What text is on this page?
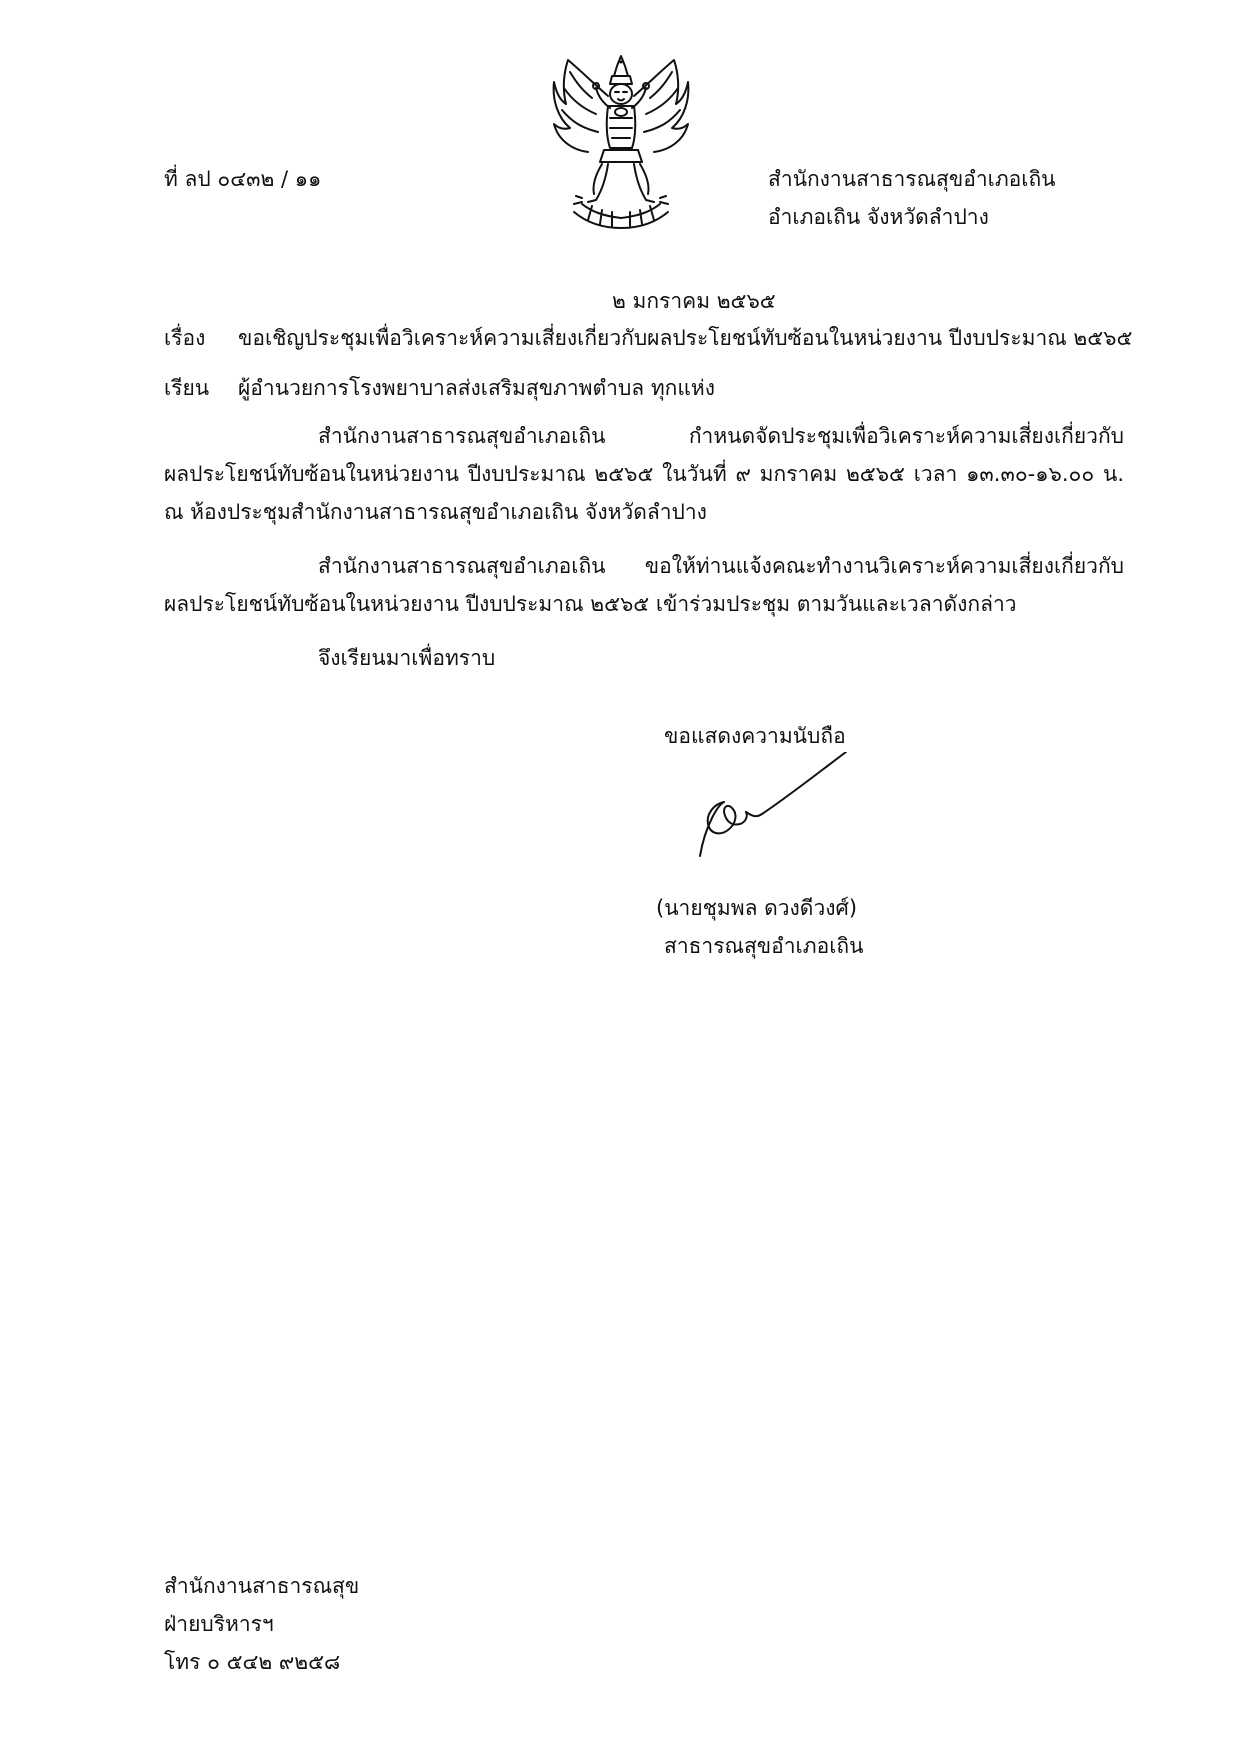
ที่ ลป ๐๔๓๒ / ๑๑	สำนักงานสาธารณสุขอำเภอเถิน
อำเภอเถิน จังหวัดลำปาง
๒ มกราคม ๒๕๖๕
เรื่อง ขอเชิญประชุมเพื่อวิเคราะห์ความเสี่ยงเกี่ยวกับผลประโยชน์ทับซ้อนในหน่วยงาน ปีงบประมาณ ๒๕๖๕
เรียน ผู้อำนวยการโรงพยาบาลส่งเสริมสุขภาพตำบล ทุกแห่ง
สำนักงานสาธารณสุขอำเภอเถิน กำหนดจัดประชุมเพื่อวิเคราะห์ความเสี่ยงเกี่ยวกับ
ผลประโยชน์ทับซ้อนในหน่วยงาน ปีงบประมาณ ๒๕๖๕ ในวันที่ ๙ มกราคม ๒๕๖๕ เวลา ๑๓.๓๐-๑๖.๐๐ น.
ณ ห้องประชุมสำนักงานสาธารณสุขอำเภอเถิน จังหวัดลำปาง
สำนักงานสาธารณสุขอำเภอเถิน ขอให้ท่านแจ้งคณะทำงานวิเคราะห์ความเสี่ยงเกี่ยวกับ
ผลประโยชน์ทับซ้อนในหน่วยงาน ปีงบประมาณ ๒๕๖๕ เข้าร่วมประชุม ตามวันและเวลาดังกล่าว
จึงเรียนมาเพื่อทราบ
ขอแสดงความนับถือ
(นายชุมพล ดวงดีวงศ์)
สาธารณสุขอำเภอเถิน
สำนักงานสาธารณสุข
ฝ่ายบริหารฯ
โทร ๐ ๕๔๒ ๙๒๕๘
